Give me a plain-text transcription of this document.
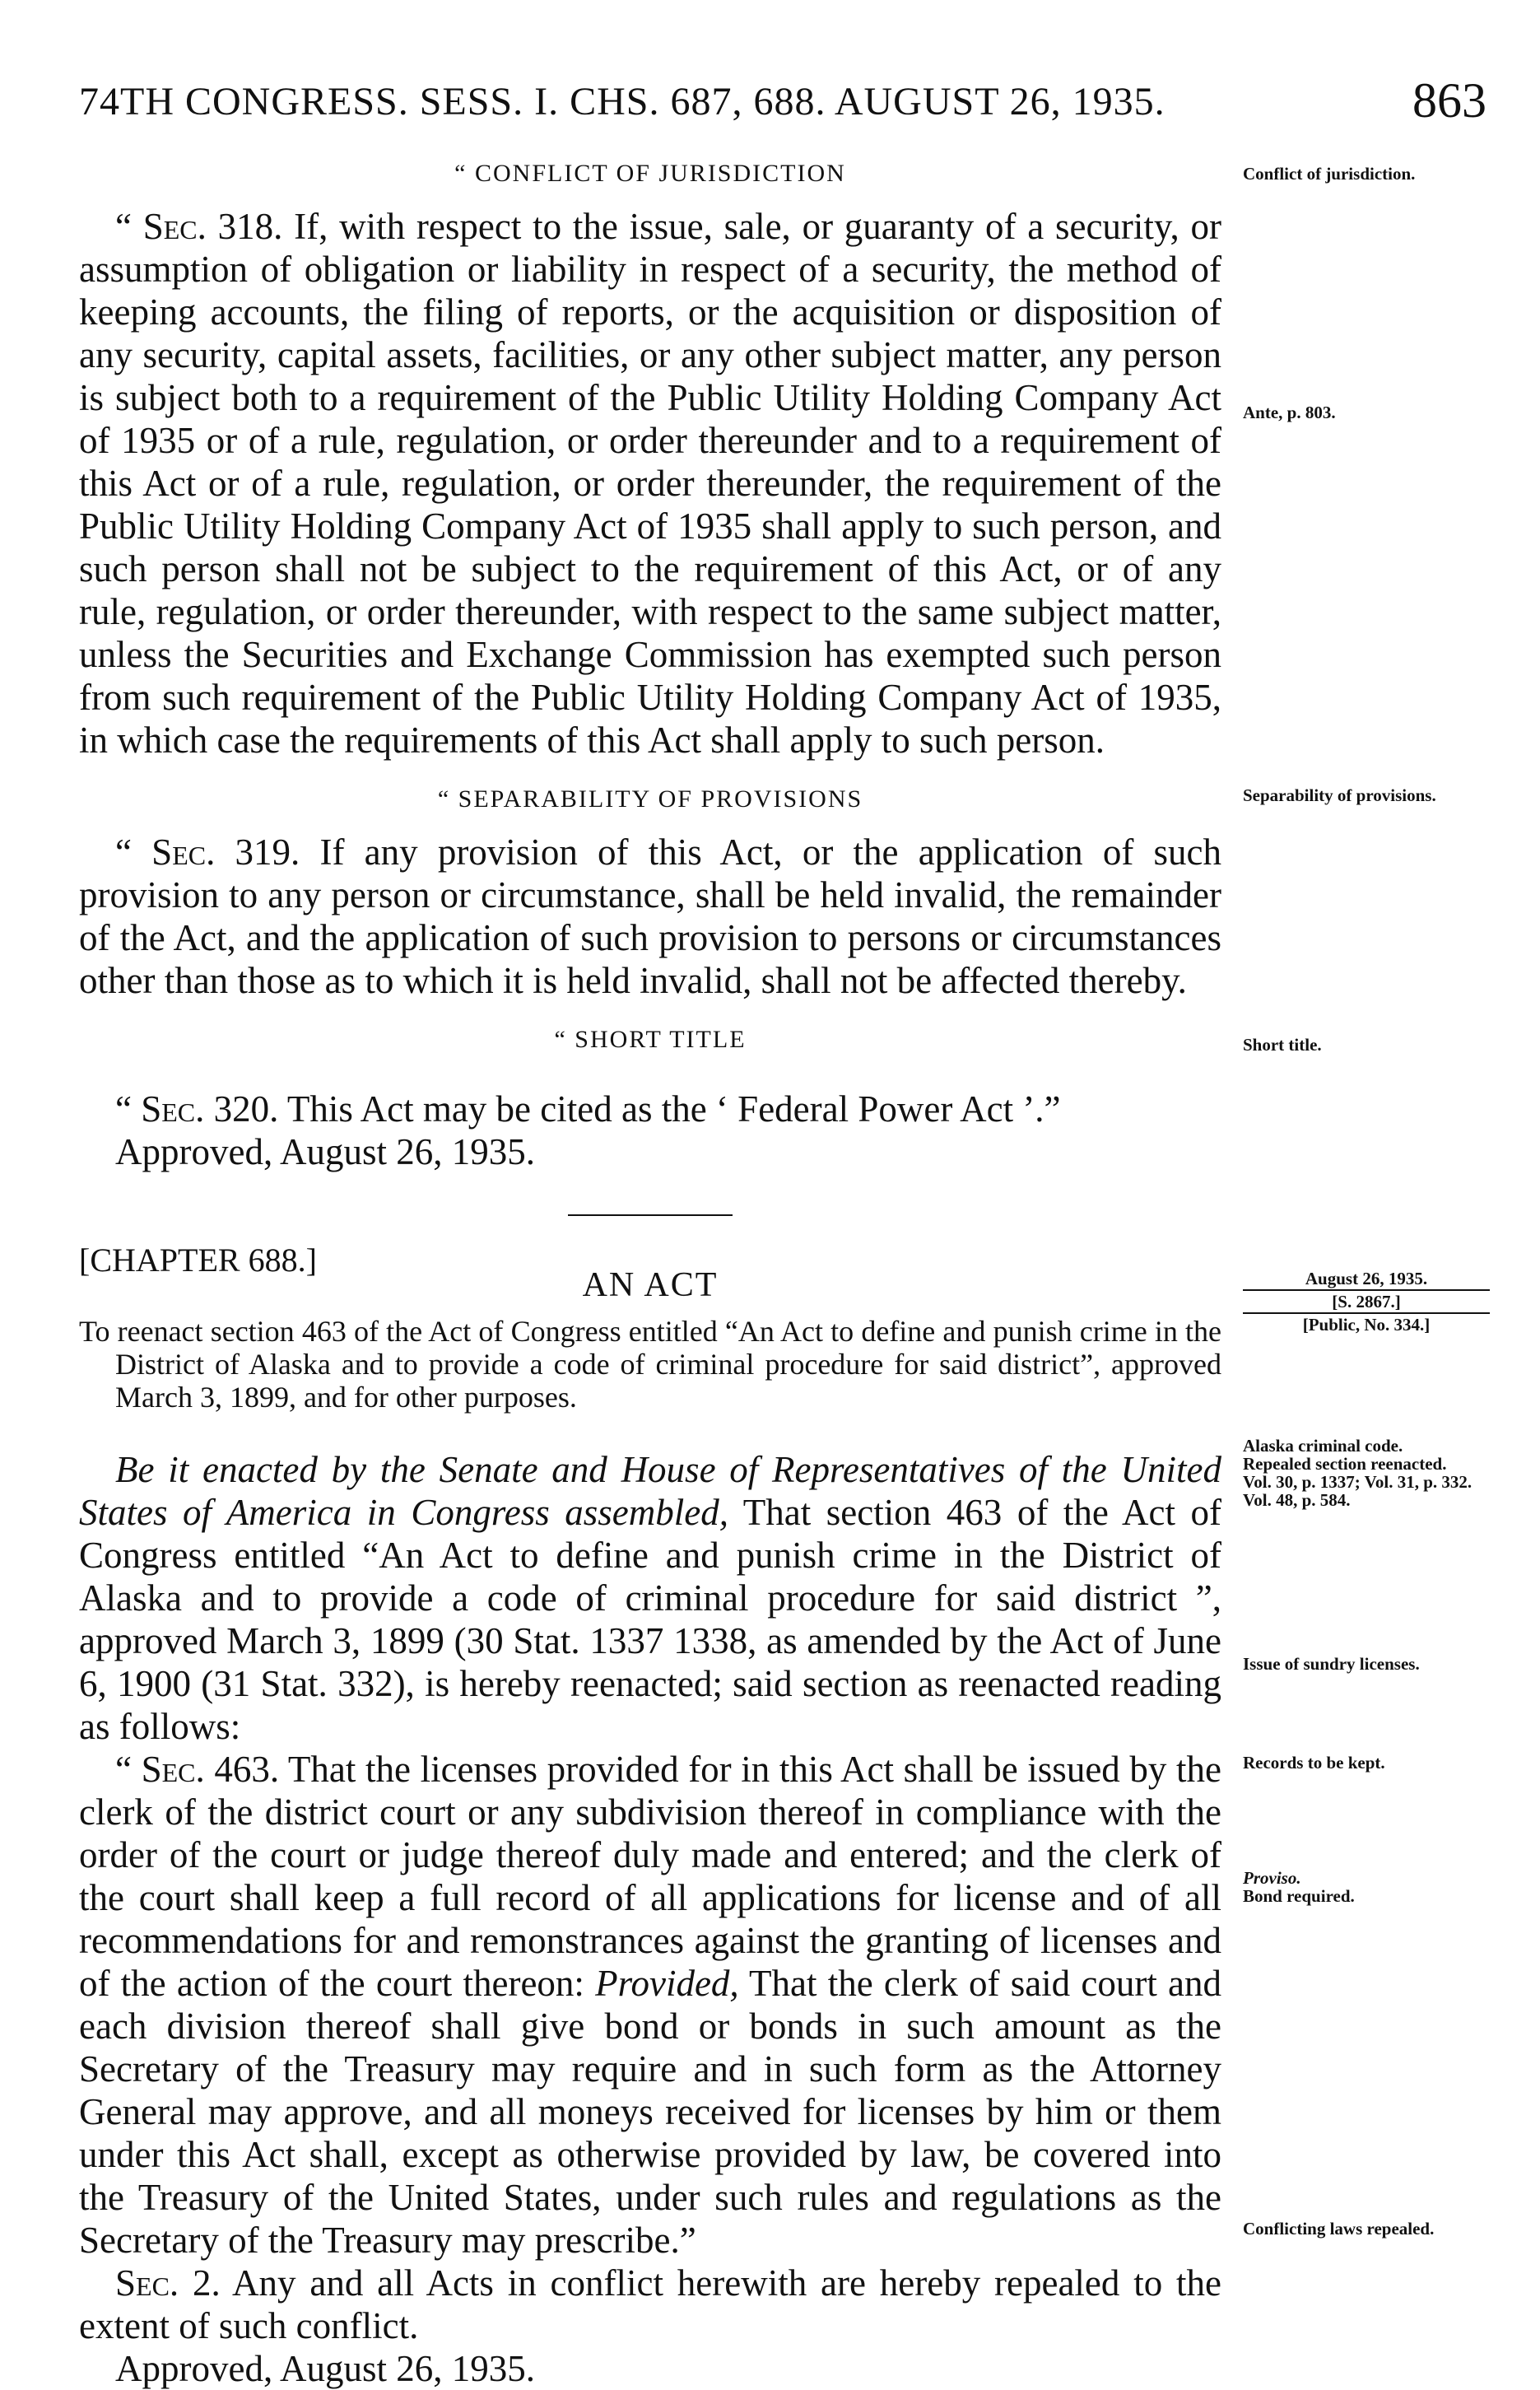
74TH CONGRESS. SESS. I. CHS. 687, 688. AUGUST 26, 1935.	863
“ CONFLICT OF JURISDICTION

“ Sec. 318. If, with respect to the issue, sale, or guaranty of a security, or assumption of obligation or liability in respect of a security, the method of keeping accounts, the filing of reports, or the acquisition or disposition of any security, capital assets, facilities, or any other subject matter, any person is subject both to a requirement of the Public Utility Holding Company Act of 1935 or of a rule, regulation, or order thereunder and to a requirement of this Act or of a rule, regulation, or order thereunder, the requirement of the Public Utility Holding Company Act of 1935 shall apply to such person, and such person shall not be subject to the requirement of this Act, or of any rule, regulation, or order thereunder, with respect to the same subject matter, unless the Securities and Exchange Commission has exempted such person from such requirement of the Public Utility Holding Company Act of 1935, in which case the requirements of this Act shall apply to such person.

“ SEPARABILITY OF PROVISIONS

“ Sec. 319. If any provision of this Act, or the application of such provision to any person or circumstance, shall be held invalid, the remainder of the Act, and the application of such provision to persons or circumstances other than those as to which it is held invalid, shall not be affected thereby.

“ SHORT TITLE

“ Sec. 320. This Act may be cited as the ‘ Federal Power Act ’.”

Approved, August 26, 1935.

[CHAPTER 688.]
AN ACT

To reenact section 463 of the Act of Congress entitled “An Act to define and punish crime in the District of Alaska and to provide a code of criminal procedure for said district”, approved March 3, 1899, and for other purposes.

Be it enacted by the Senate and House of Representatives of the United States of America in Congress assembled, That section 463 of the Act of Congress entitled “An Act to define and punish crime in the District of Alaska and to provide a code of criminal procedure for said district ”, approved March 3, 1899 (30 Stat. 1337 1338, as amended by the Act of June 6, 1900 (31 Stat. 332), is hereby reenacted; said section as reenacted reading as follows:

“ Sec. 463. That the licenses provided for in this Act shall be issued by the clerk of the district court or any subdivision thereof in compliance with the order of the court or judge thereof duly made and entered; and the clerk of the court shall keep a full record of all applications for license and of all recommendations for and remonstrances against the granting of licenses and of the action of the court thereon: Provided, That the clerk of said court and each division thereof shall give bond or bonds in such amount as the Secretary of the Treasury may require and in such form as the Attorney General may approve, and all moneys received for licenses by him or them under this Act shall, except as otherwise provided by law, be covered into the Treasury of the United States, under such rules and regulations as the Secretary of the Treasury may prescribe.”

Sec. 2. Any and all Acts in conflict herewith are hereby repealed to the extent of such conflict.

Approved, August 26, 1935.

Conflict of jurisdiction.
Ante, p. 803.
Separability of provisions.
Short title.
August 26, 1935.
[S. 2867.]
[Public, No. 334.]
Alaska criminal code.
Repealed section reenacted.
Vol. 30, p. 1337; Vol. 31, p. 332.
Vol. 48, p. 584.
Issue of sundry licenses.
Records to be kept.
Proviso.
Bond required.
Conflicting laws repealed.
